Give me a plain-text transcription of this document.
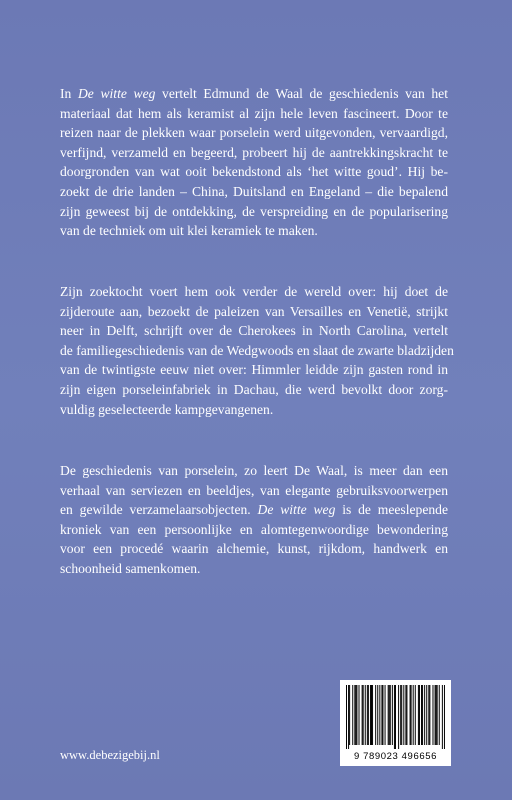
In De witte weg vertelt Edmund de Waal de geschiedenis van het
materiaal dat hem als keramist al zijn hele leven fascineert. Door te
reizen naar de plekken waar porselein werd uitgevonden, vervaardigd,
verfijnd, verzameld en begeerd, probeert hij de aantrekkingskracht te
doorgronden van wat ooit bekendstond als ‘het witte goud’. Hij be-
zoekt de drie landen – China, Duitsland en Engeland – die bepalend
zijn geweest bij de ontdekking, de verspreiding en de popularisering
van de techniek om uit klei keramiek te maken.

Zijn zoektocht voert hem ook verder de wereld over: hij doet de
zijderoute aan, bezoekt de paleizen van Versailles en Venetië, strijkt
neer in Delft, schrijft over de Cherokees in North Carolina, vertelt
de familiegeschiedenis van de Wedgwoods en slaat de zwarte bladzijden
van de twintigste eeuw niet over: Himmler leidde zijn gasten rond in
zijn eigen porseleinfabriek in Dachau, die werd bevolkt door zorg-
vuldig geselecteerde kampgevangenen.

De geschiedenis van porselein, zo leert De Waal, is meer dan een
verhaal van serviezen en beeldjes, van elegante gebruiksvoorwerpen
en gewilde verzamelaarsobjecten. De witte weg is de meeslepende
kroniek van een persoonlijke en alomtegenwoordige bewondering
voor een procedé waarin alchemie, kunst, rijkdom, handwerk en
schoonheid samenkomen.

9 789023 496656
www.debezigebij.nl
